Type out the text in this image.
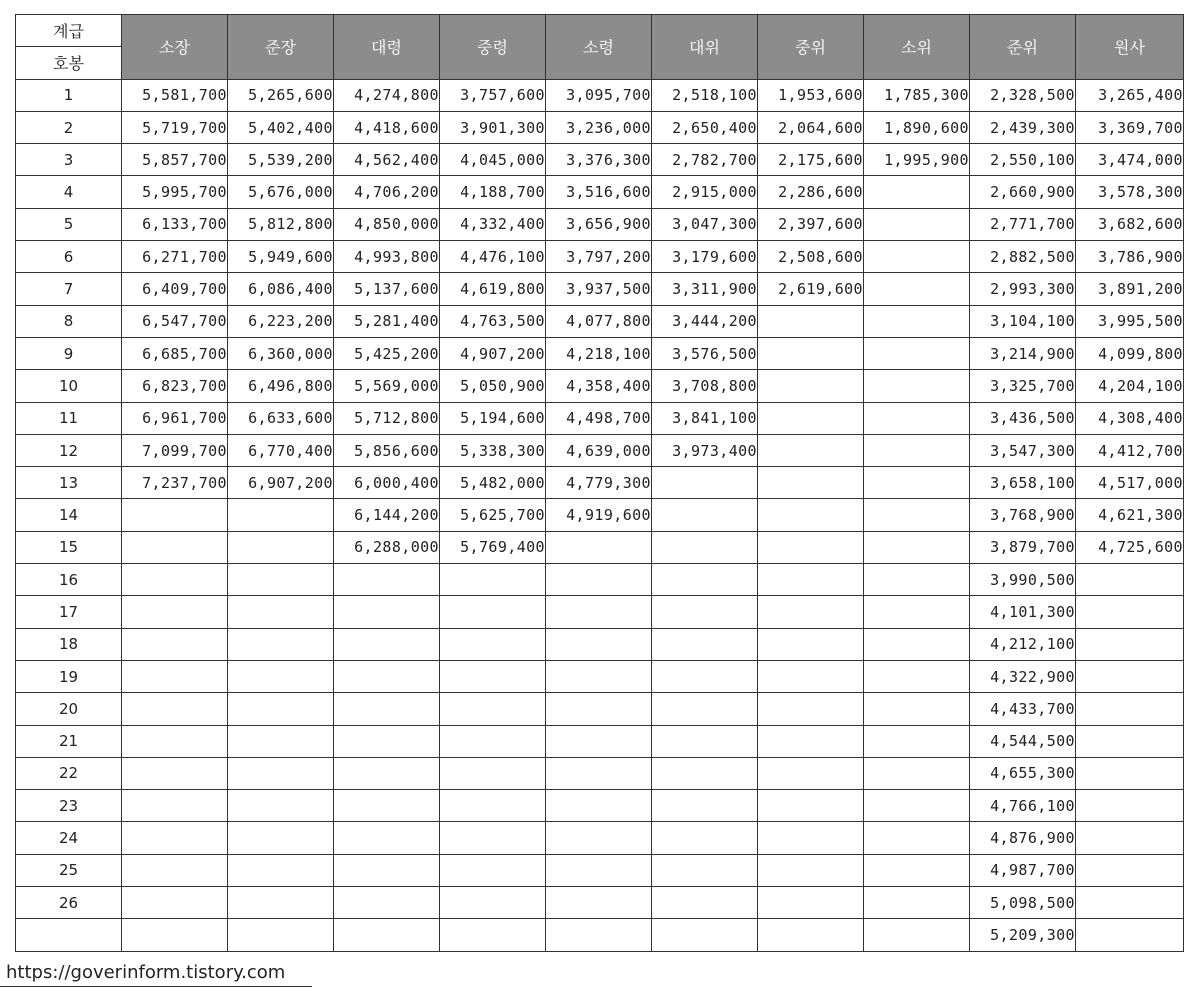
계급	소장	준장	대령	중령	소령	대위	중위	소위	준위	원사
호봉										
1	5,581,700	5,265,600	4,274,800	3,757,600	3,095,700	2,518,100	1,953,600	1,785,300	2,328,500	3,265,400
2	5,719,700	5,402,400	4,418,600	3,901,300	3,236,000	2,650,400	2,064,600	1,890,600	2,439,300	3,369,700
3	5,857,700	5,539,200	4,562,400	4,045,000	3,376,300	2,782,700	2,175,600	1,995,900	2,550,100	3,474,000
4	5,995,700	5,676,000	4,706,200	4,188,700	3,516,600	2,915,000	2,286,600		2,660,900	3,578,300
5	6,133,700	5,812,800	4,850,000	4,332,400	3,656,900	3,047,300	2,397,600		2,771,700	3,682,600
6	6,271,700	5,949,600	4,993,800	4,476,100	3,797,200	3,179,600	2,508,600		2,882,500	3,786,900
7	6,409,700	6,086,400	5,137,600	4,619,800	3,937,500	3,311,900	2,619,600		2,993,300	3,891,200
8	6,547,700	6,223,200	5,281,400	4,763,500	4,077,800	3,444,200			3,104,100	3,995,500
9	6,685,700	6,360,000	5,425,200	4,907,200	4,218,100	3,576,500			3,214,900	4,099,800
10	6,823,700	6,496,800	5,569,000	5,050,900	4,358,400	3,708,800			3,325,700	4,204,100
11	6,961,700	6,633,600	5,712,800	5,194,600	4,498,700	3,841,100			3,436,500	4,308,400
12	7,099,700	6,770,400	5,856,600	5,338,300	4,639,000	3,973,400			3,547,300	4,412,700
13	7,237,700	6,907,200	6,000,400	5,482,000	4,779,300				3,658,100	4,517,000
14			6,144,200	5,625,700	4,919,600				3,768,900	4,621,300
15			6,288,000	5,769,400					3,879,700	4,725,600
16									3,990,500	
17									4,101,300	
18									4,212,100	
19									4,322,900	
20									4,433,700	
21									4,544,500	
22									4,655,300	
23									4,766,100	
24									4,876,900	
25									4,987,700	
26									5,098,500	
									5,209,300	
https://goverinform.tistory.com
